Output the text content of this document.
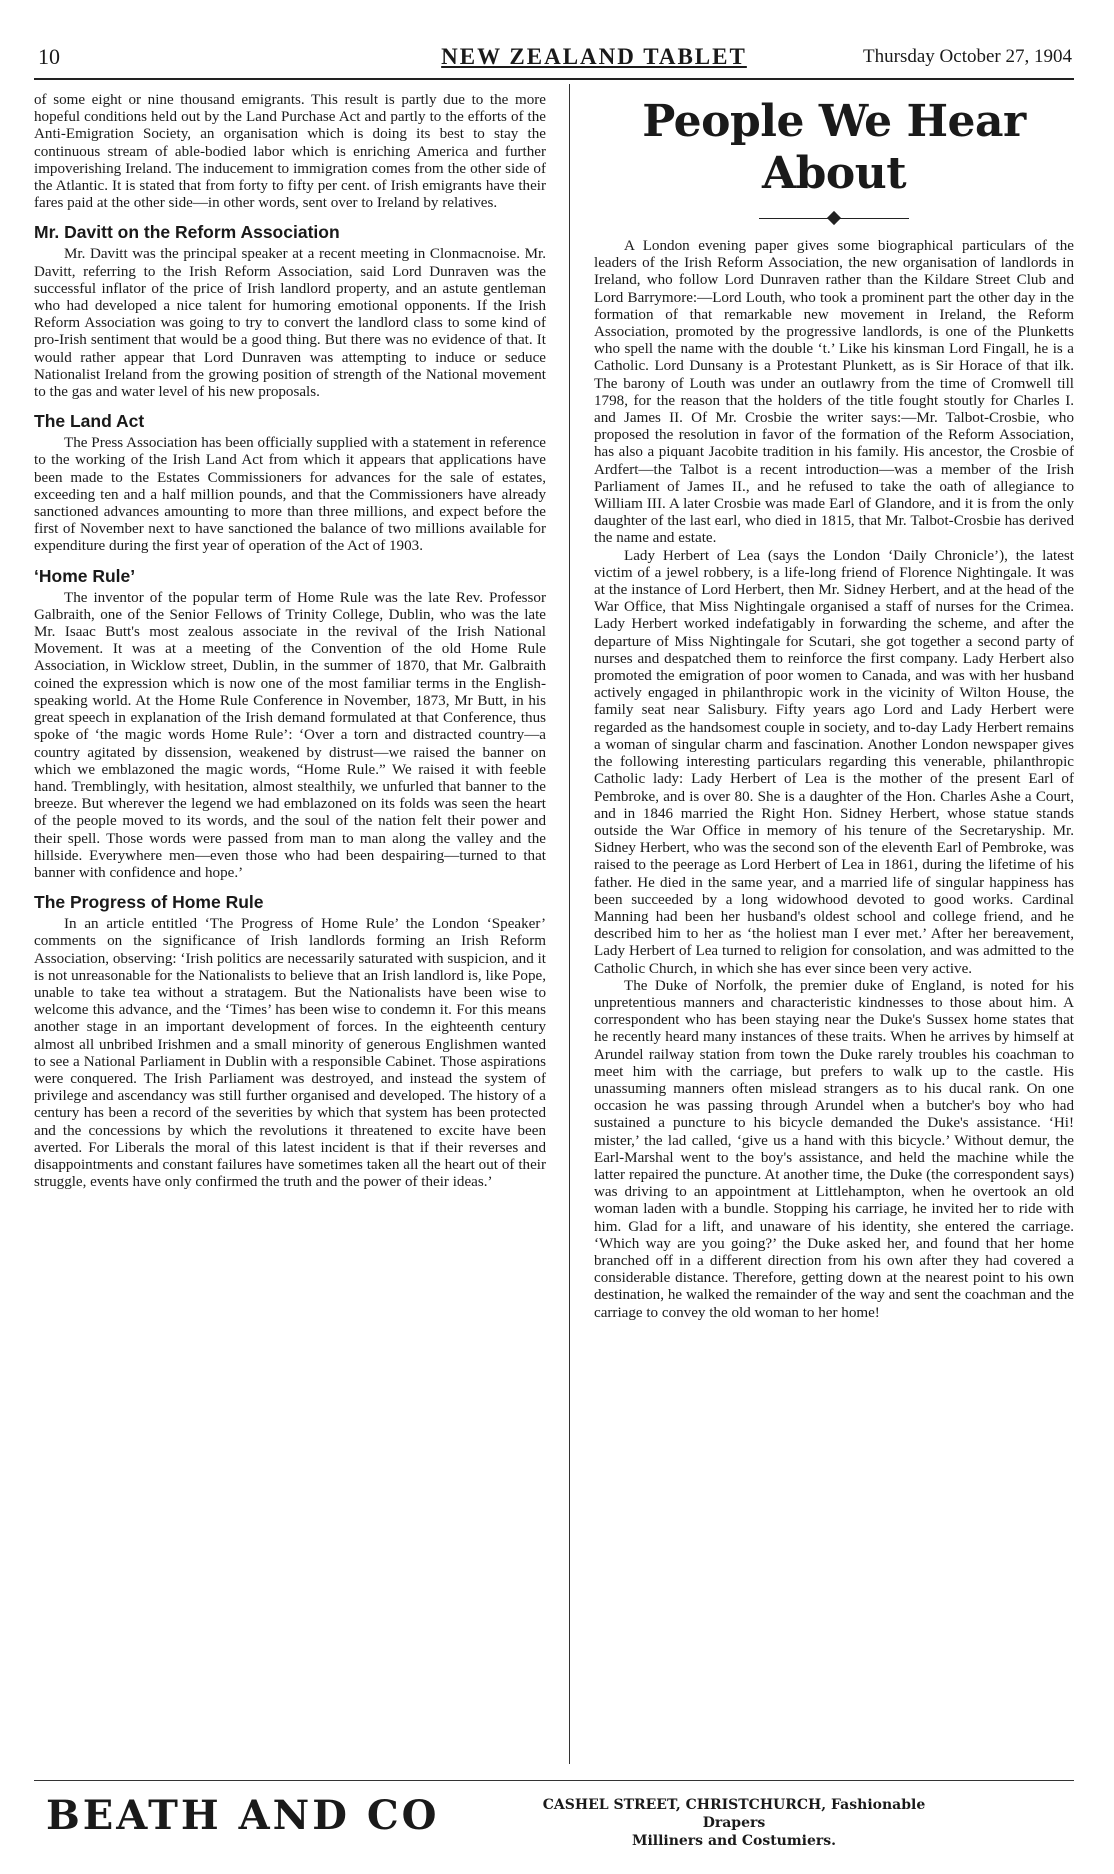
10	NEW ZEALAND TABLET	Thursday October 27, 1904

of some eight or nine thousand emigrants. This result is partly due to the more hopeful conditions held out by the Land Purchase Act and partly to the efforts of the Anti-Emigration Society, an organisation which is doing its best to stay the continuous stream of able-bodied labor which is enriching America and further impoverishing Ireland. The inducement to immigration comes from the other side of the Atlantic. It is stated that from forty to fifty per cent. of Irish emigrants have their fares paid at the other side—in other words, sent over to Ireland by relatives.

Mr. Davitt on the Reform Association

Mr. Davitt was the principal speaker at a recent meeting in Clonmacnoise. Mr. Davitt, referring to the Irish Reform Association, said Lord Dunraven was the successful inflator of the price of Irish landlord property, and an astute gentleman who had developed a nice talent for humoring emotional opponents. If the Irish Reform Association was going to try to convert the landlord class to some kind of pro-Irish sentiment that would be a good thing. But there was no evidence of that. It would rather appear that Lord Dunraven was attempting to induce or seduce Nationalist Ireland from the growing position of strength of the National movement to the gas and water level of his new proposals.

The Land Act

The Press Association has been officially supplied with a statement in reference to the working of the Irish Land Act from which it appears that applications have been made to the Estates Commissioners for advances for the sale of estates, exceeding ten and a half million pounds, and that the Commissioners have already sanctioned advances amounting to more than three millions, and expect before the first of November next to have sanctioned the balance of two millions available for expenditure during the first year of operation of the Act of 1903.

‘Home Rule’

The inventor of the popular term of Home Rule was the late Rev. Professor Galbraith, one of the Senior Fellows of Trinity College, Dublin, who was the late Mr. Isaac Butt's most zealous associate in the revival of the Irish National Movement. It was at a meeting of the Convention of the old Home Rule Association, in Wicklow street, Dublin, in the summer of 1870, that Mr. Galbraith coined the expression which is now one of the most familiar terms in the English-speaking world. At the Home Rule Conference in November, 1873, Mr Butt, in his great speech in explanation of the Irish demand formulated at that Conference, thus spoke of ‘the magic words Home Rule’: ‘Over a torn and distracted country—a country agitated by dissension, weakened by distrust—we raised the banner on which we emblazoned the magic words, “Home Rule.” We raised it with feeble hand. Tremblingly, with hesitation, almost stealthily, we unfurled that banner to the breeze. But wherever the legend we had emblazoned on its folds was seen the heart of the people moved to its words, and the soul of the nation felt their power and their spell. Those words were passed from man to man along the valley and the hillside. Everywhere men—even those who had been despairing—turned to that banner with confidence and hope.’

The Progress of Home Rule

In an article entitled ‘The Progress of Home Rule’ the London ‘Speaker’ comments on the significance of Irish landlords forming an Irish Reform Association, observing: ‘Irish politics are necessarily saturated with suspicion, and it is not unreasonable for the Nationalists to believe that an Irish landlord is, like Pope, unable to take tea without a stratagem. But the Nationalists have been wise to welcome this advance, and the ‘Times’ has been wise to condemn it. For this means another stage in an important development of forces. In the eighteenth century almost all unbribed Irishmen and a small minority of generous Englishmen wanted to see a National Parliament in Dublin with a responsible Cabinet. Those aspirations were conquered. The Irish Parliament was destroyed, and instead the system of privilege and ascendancy was still further organised and developed. The history of a century has been a record of the severities by which that system has been protected and the concessions by which the revolutions it threatened to excite have been averted. For Liberals the moral of this latest incident is that if their reverses and disappointments and constant failures have sometimes taken all the heart out of their struggle, events have only confirmed the truth and the power of their ideas.’

People We Hear About

A London evening paper gives some biographical particulars of the leaders of the Irish Reform Association, the new organisation of landlords in Ireland, who follow Lord Dunraven rather than the Kildare Street Club and Lord Barrymore:—Lord Louth, who took a prominent part the other day in the formation of that remarkable new movement in Ireland, the Reform Association, promoted by the progressive landlords, is one of the Plunketts who spell the name with the double ‘t.’ Like his kinsman Lord Fingall, he is a Catholic. Lord Dunsany is a Protestant Plunkett, as is Sir Horace of that ilk. The barony of Louth was under an outlawry from the time of Cromwell till 1798, for the reason that the holders of the title fought stoutly for Charles I. and James II. Of Mr. Crosbie the writer says:—Mr. Talbot-Crosbie, who proposed the resolution in favor of the formation of the Reform Association, has also a piquant Jacobite tradition in his family. His ancestor, the Crosbie of Ardfert—the Talbot is a recent introduction—was a member of the Irish Parliament of James II., and he refused to take the oath of allegiance to William III. A later Crosbie was made Earl of Glandore, and it is from the only daughter of the last earl, who died in 1815, that Mr. Talbot-Crosbie has derived the name and estate.

Lady Herbert of Lea (says the London ‘Daily Chronicle’), the latest victim of a jewel robbery, is a life-long friend of Florence Nightingale. It was at the instance of Lord Herbert, then Mr. Sidney Herbert, and at the head of the War Office, that Miss Nightingale organised a staff of nurses for the Crimea. Lady Herbert worked indefatigably in forwarding the scheme, and after the departure of Miss Nightingale for Scutari, she got together a second party of nurses and despatched them to reinforce the first company. Lady Herbert also promoted the emigration of poor women to Canada, and was with her husband actively engaged in philanthropic work in the vicinity of Wilton House, the family seat near Salisbury. Fifty years ago Lord and Lady Herbert were regarded as the handsomest couple in society, and to-day Lady Herbert remains a woman of singular charm and fascination. Another London newspaper gives the following interesting particulars regarding this venerable, philanthropic Catholic lady: Lady Herbert of Lea is the mother of the present Earl of Pembroke, and is over 80. She is a daughter of the Hon. Charles Ashe a Court, and in 1846 married the Right Hon. Sidney Herbert, whose statue stands outside the War Office in memory of his tenure of the Secretaryship. Mr. Sidney Herbert, who was the second son of the eleventh Earl of Pembroke, was raised to the peerage as Lord Herbert of Lea in 1861, during the lifetime of his father. He died in the same year, and a married life of singular happiness has been succeeded by a long widowhood devoted to good works. Cardinal Manning had been her husband's oldest school and college friend, and he described him to her as ‘the holiest man I ever met.’ After her bereavement, Lady Herbert of Lea turned to religion for consolation, and was admitted to the Catholic Church, in which she has ever since been very active.

The Duke of Norfolk, the premier duke of England, is noted for his unpretentious manners and characteristic kindnesses to those about him. A correspondent who has been staying near the Duke's Sussex home states that he recently heard many instances of these traits. When he arrives by himself at Arundel railway station from town the Duke rarely troubles his coachman to meet him with the carriage, but prefers to walk up to the castle. His unassuming manners often mislead strangers as to his ducal rank. On one occasion he was passing through Arundel when a butcher's boy who had sustained a puncture to his bicycle demanded the Duke's assistance. ‘Hi! mister,’ the lad called, ‘give us a hand with this bicycle.’ Without demur, the Earl-Marshal went to the boy's assistance, and held the machine while the latter repaired the puncture. At another time, the Duke (the correspondent says) was driving to an appointment at Littlehampton, when he overtook an old woman laden with a bundle. Stopping his carriage, he invited her to ride with him. Glad for a lift, and unaware of his identity, she entered the carriage. ‘Which way are you going?’ the Duke asked her, and found that her home branched off in a different direction from his own after they had covered a considerable distance. Therefore, getting down at the nearest point to his own destination, he walked the remainder of the way and sent the coachman and the carriage to convey the old woman to her home!

BEATH AND CO	CASHEL STREET, CHRISTCHURCH, Fashionable Drapers
Milliners and Costumiers.
